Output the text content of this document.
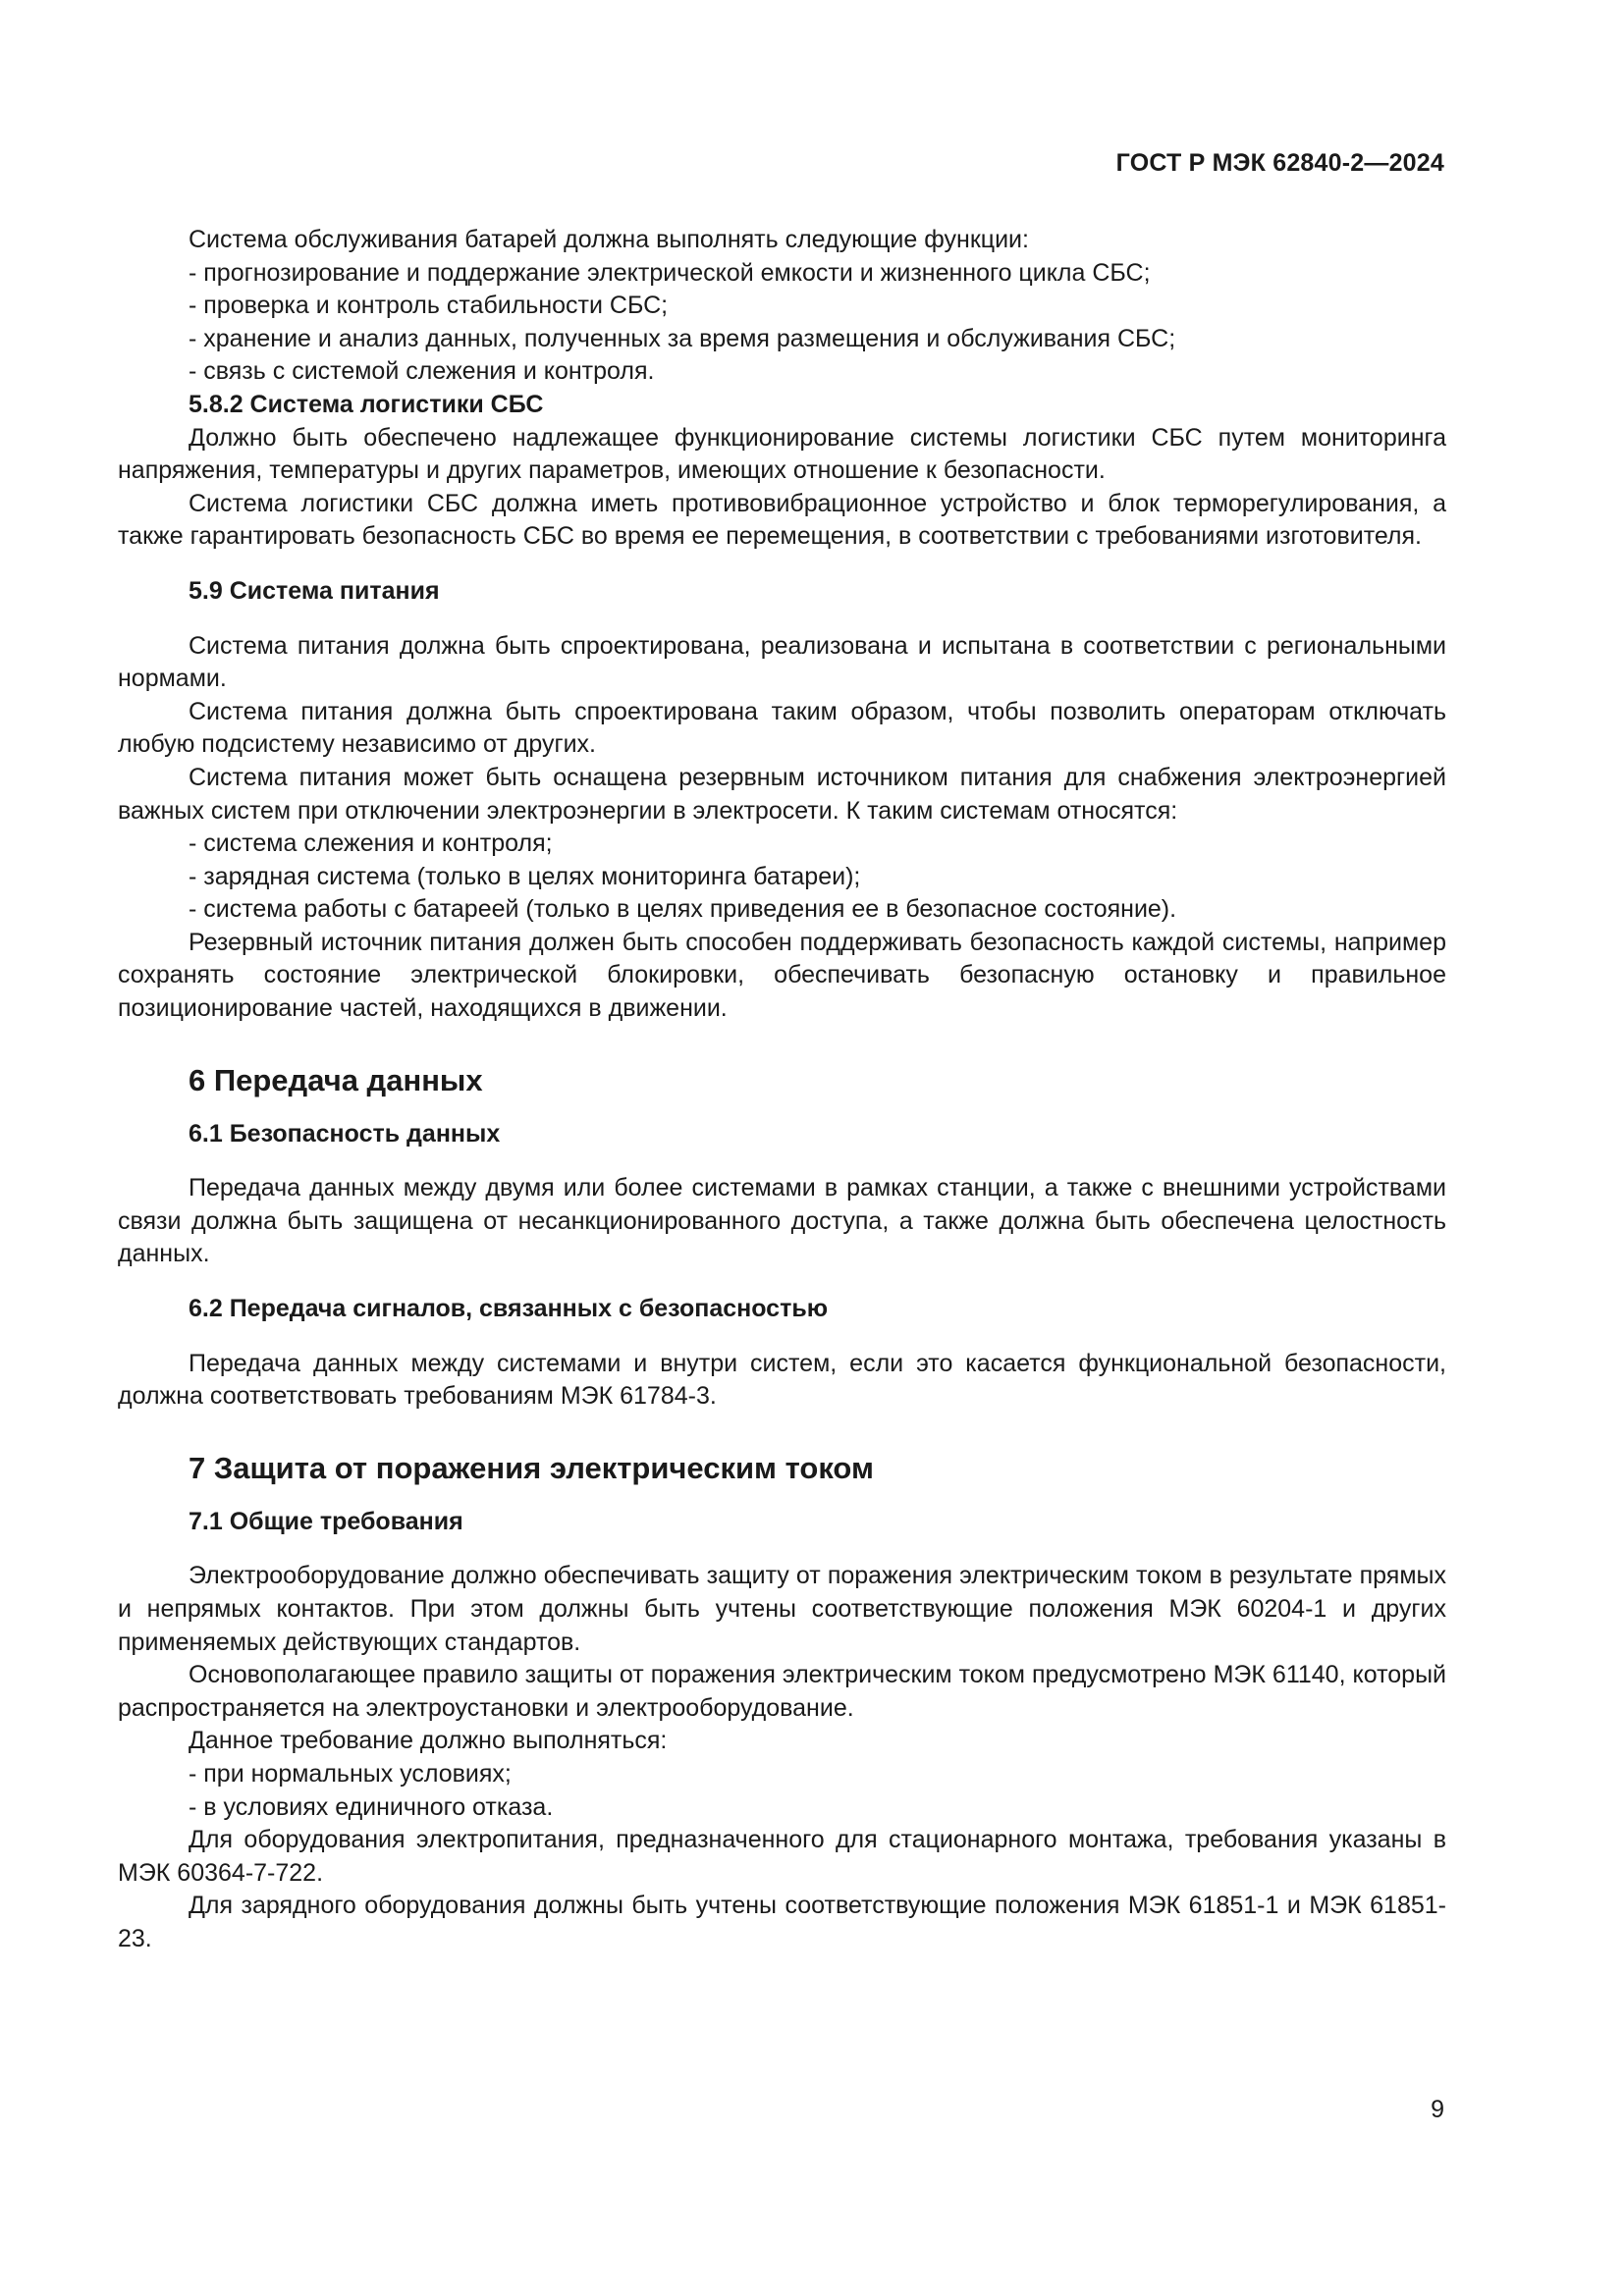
ГОСТ Р МЭК 62840-2—2024

Система обслуживания батарей должна выполнять следующие функции:

- прогнозирование и поддержание электрической емкости и жизненного цикла СБС;
- проверка и контроль стабильности СБС;
- хранение и анализ данных, полученных за время размещения и обслуживания СБС;
- связь с системой слежения и контроля.
5.8.2 Система логистики СБС

Должно быть обеспечено надлежащее функционирование системы логистики СБС путем мониторинга напряжения, температуры и других параметров, имеющих отношение к безопасности.

Система логистики СБС должна иметь противовибрационное устройство и блок терморегулирования, а также гарантировать безопасность СБС во время ее перемещения, в соответствии с требованиями изготовителя.

5.9 Система питания

Система питания должна быть спроектирована, реализована и испытана в соответствии с региональными нормами.

Система питания должна быть спроектирована таким образом, чтобы позволить операторам отключать любую подсистему независимо от других.

Система питания может быть оснащена резервным источником питания для снабжения электроэнергией важных систем при отключении электроэнергии в электросети. К таким системам относятся:

- система слежения и контроля;
- зарядная система (только в целях мониторинга батареи);
- система работы с батареей (только в целях приведения ее в безопасное состояние).

Резервный источник питания должен быть способен поддерживать безопасность каждой системы, например сохранять состояние электрической блокировки, обеспечивать безопасную остановку и правильное позиционирование частей, находящихся в движении.

6 Передача данных
6.1 Безопасность данных

Передача данных между двумя или более системами в рамках станции, а также с внешними устройствами связи должна быть защищена от несанкционированного доступа, а также должна быть обеспечена целостность данных.

6.2 Передача сигналов, связанных с безопасностью

Передача данных между системами и внутри систем, если это касается функциональной безопасности, должна соответствовать требованиям МЭК 61784-3.

7 Защита от поражения электрическим током
7.1 Общие требования

Электрооборудование должно обеспечивать защиту от поражения электрическим током в результате прямых и непрямых контактов. При этом должны быть учтены соответствующие положения МЭК 60204-1 и других применяемых действующих стандартов.

Основополагающее правило защиты от поражения электрическим током предусмотрено МЭК 61140, который распространяется на электроустановки и электрооборудование.

Данное требование должно выполняться:

- при нормальных условиях;
- в условиях единичного отказа.

Для оборудования электропитания, предназначенного для стационарного монтажа, требования указаны в МЭК 60364-7-722.

Для зарядного оборудования должны быть учтены соответствующие положения МЭК 61851-1 и МЭК 61851-23.

9
